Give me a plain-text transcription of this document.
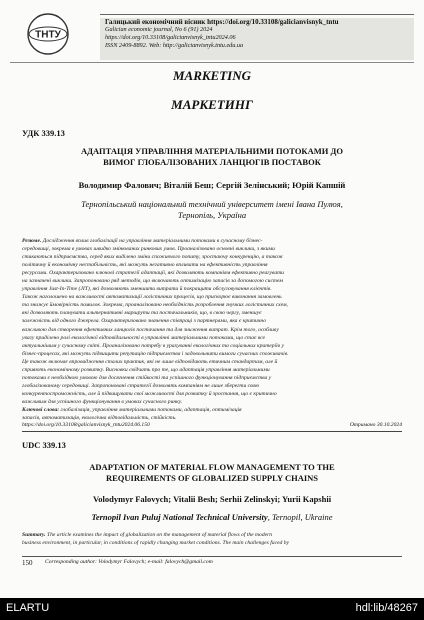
ТНТУ
Галицький економічний вісник https://doi.org/10.33108/galicianvisnyk_tntu
Galician economic journal, No 6 (91) 2024
https://doi.org/10.33108/galicianvisnyk_tntu2024.06
ISSN 2409-8892. Web: http://galicianvisnyk.tntu.edu.ua
MARKETING
МАРКЕТИНГ
УДК 339.13
АДАПТАЦІЯ УПРАВЛІННЯ МАТЕРІАЛЬНИМИ ПОТОКАМИ ДО
ВИМОГ ГЛОБАЛІЗОВАНИХ ЛАНЦЮГІВ ПОСТАВОК
Володимир Фалович; Віталій Беш; Сергій Зелінський; Юрій Капшій
Тернопільський національний технічний університет імені Івана Пулюя,
Тернопіль, Україна
Резюме. Дослідження вплив глобалізації на управління матеріальними потоками в сучасному бізнес-
середовищі, зокрема в умовах швидко змінюваних ринкових умов. Проаналізовано основні виклики, з якими
стикаються підприємства, серед яких виділено зміни споживчого попиту, зростаючу конкуренцію, а також
політичну й економічну нестабільність, які можуть негативно впливати на ефективність управління
ресурсами. Охарактеризовано ключові стратегії адаптації, які дозволяють компаніям ефективно реагувати
на зазначені виклики. Запропоновано ряд методів, що включають оптимізацію запасів за допомогою систем
управління Just-In-Time (JIT), які дозволяють зменшити витрати й покращити обслуговування клієнтів.
Також наголошено на важливості автоматизації логістичних процесів, що прискорює виконання замовлень
та знижує ймовірність помилок. Зокрема, проаналізовано необхідність розроблення гнучких логістичних схем,
які дозволяють планувати альтернативні маршрути та постачальників, що, в свою чергу, зменшує
залежність від одного джерела. Охарактеризовано значення співпраці з партнерами, яка є критично
важливою для створення ефективних ланцюгів постачання та для зниження витрат. Крім того, особливу
увагу приділено ролі екологічної відповідальності в управлінні матеріальними потоками, що стає все
актуальнішим у сучасному світі. Проаналізовано потребу в урахуванні екологічних та соціальних критеріїв у
бізнес-процесах, які можуть підвищити репутацію підприємства і задовольнити вимоги сучасних споживачів.
Це також включає впровадження сталих практик, які не лише відповідають етичним стандартам, але й
сприяють економічному розвитку. Висновки свідчать про те, що адаптація управління матеріальними
потоками є необхідною умовою для досягнення стійкості та успішного функціонування підприємства у
глобалізованому середовищі. Запропоновані стратегії дозволять компаніям не лише зберегти свою
конкурентоспроможність, але й підвищувати свої можливості для розвитку й зростання, що є критично
важливим для успішного функціонування в умовах сучасного ринку.
Ключові слова: глобалізація, управління матеріальними потоками, адаптація, оптимізація
запасів, автоматизація, екологічна відповідальність, стійкість.
https://doi.org/10.33108/galicianvisnyk_tntu2024.06.150	Отримано 30.10.2024
UDC 339.13
ADAPTATION OF MATERIAL FLOW MANAGEMENT TO THE
REQUIREMENTS OF GLOBALIZED SUPPLY CHAINS
Volodymyr Falovych; Vitalii Besh; Serhii Zelinskyi; Yurii Kapshii
Ternopil Ivan Puluj National Technical University, Ternopil, Ukraine
Summary. The article examines the impact of globalization on the management of material flows of the modern
business environment, in particular, in conditions of rapidly changing market conditions. The main challenges faced by
150 Corresponding author: Volodymyr Falovych; e-mail: falovych@gmail.com
ELARTU	hdl:lib/48267
